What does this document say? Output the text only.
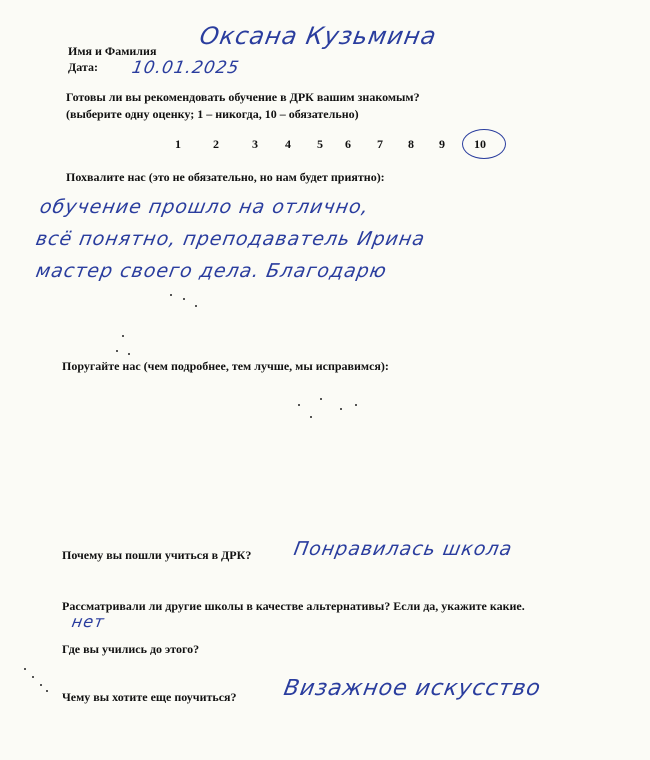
Имя и Фамилия
Оксана Кузьмина
Дата: 10.01.2025
Готовы ли вы рекомендовать обучение в ДРК вашим знакомым?
(выберите одну оценку; 1 – никогда, 10 – обязательно)
1	2	3 4 5 6 7 8 9 10
Похвалите нас (это не обязательно, но нам будет приятно):
обучение прошло на отлично,
всё понятно, преподаватель Ирина
мастер своего дела. Благодарю
Поругайте нас (чем подробнее, тем лучше, мы исправимся):
Почему вы пошли учиться в ДРК? Понравилась школа
Рассматривали ли другие школы в качестве альтернативы? Если да, укажите какие.
нет
Где вы учились до этого?
Чему вы хотите еще поучиться? Визажное искусство
